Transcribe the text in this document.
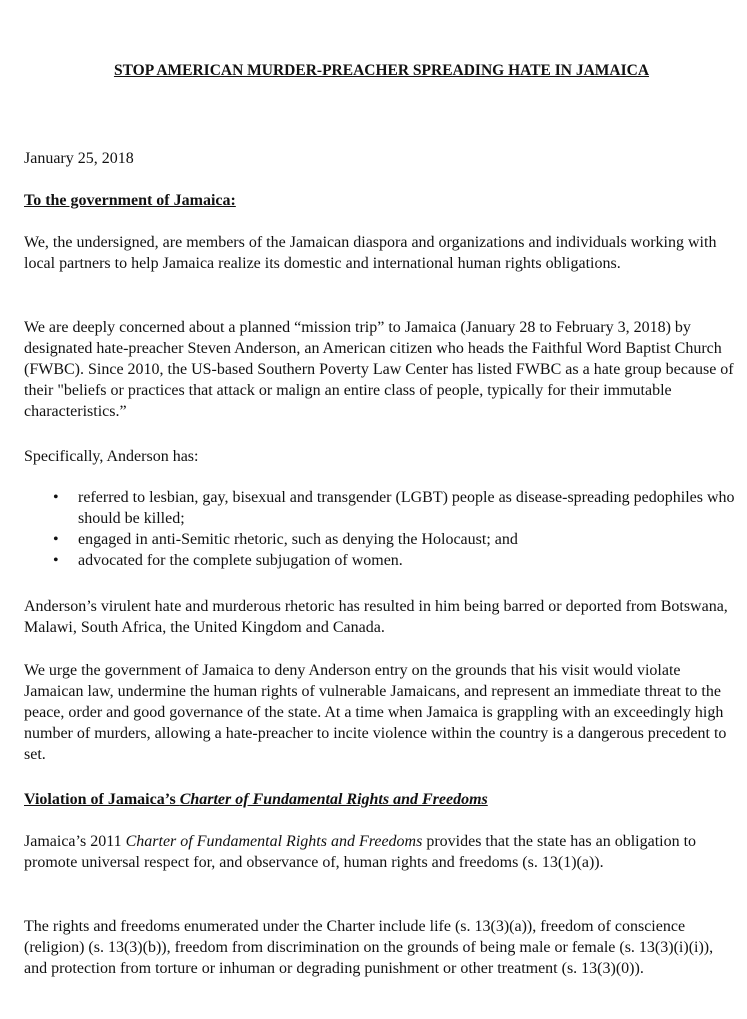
STOP AMERICAN MURDER-PREACHER SPREADING HATE IN JAMAICA

January 25, 2018

To the government of Jamaica:

We, the undersigned, are members of the Jamaican diaspora and organizations and individuals working with local partners to help Jamaica realize its domestic and international human rights obligations.

We are deeply concerned about a planned “mission trip” to Jamaica (January 28 to February 3, 2018) by designated hate-preacher Steven Anderson, an American citizen who heads the Faithful Word Baptist Church (FWBC). Since 2010, the US-based Southern Poverty Law Center has listed FWBC as a hate group because of their "beliefs or practices that attack or malign an entire class of people, typically for their immutable characteristics.”

Specifically, Anderson has:

• referred to lesbian, gay, bisexual and transgender (LGBT) people as disease-spreading pedophiles who should be killed;
• engaged in anti-Semitic rhetoric, such as denying the Holocaust; and
• advocated for the complete subjugation of women.

Anderson’s virulent hate and murderous rhetoric has resulted in him being barred or deported from Botswana, Malawi, South Africa, the United Kingdom and Canada.

We urge the government of Jamaica to deny Anderson entry on the grounds that his visit would violate Jamaican law, undermine the human rights of vulnerable Jamaicans, and represent an immediate threat to the peace, order and good governance of the state. At a time when Jamaica is grappling with an exceedingly high number of murders, allowing a hate-preacher to incite violence within the country is a dangerous precedent to set.

Violation of Jamaica’s Charter of Fundamental Rights and Freedoms

Jamaica’s 2011 Charter of Fundamental Rights and Freedoms provides that the state has an obligation to promote universal respect for, and observance of, human rights and freedoms (s. 13(1)(a)).

The rights and freedoms enumerated under the Charter include life (s. 13(3)(a)), freedom of conscience (religion) (s. 13(3)(b)), freedom from discrimination on the grounds of being male or female (s. 13(3)(i)(i)), and protection from torture or inhuman or degrading punishment or other treatment (s. 13(3)(0)).
